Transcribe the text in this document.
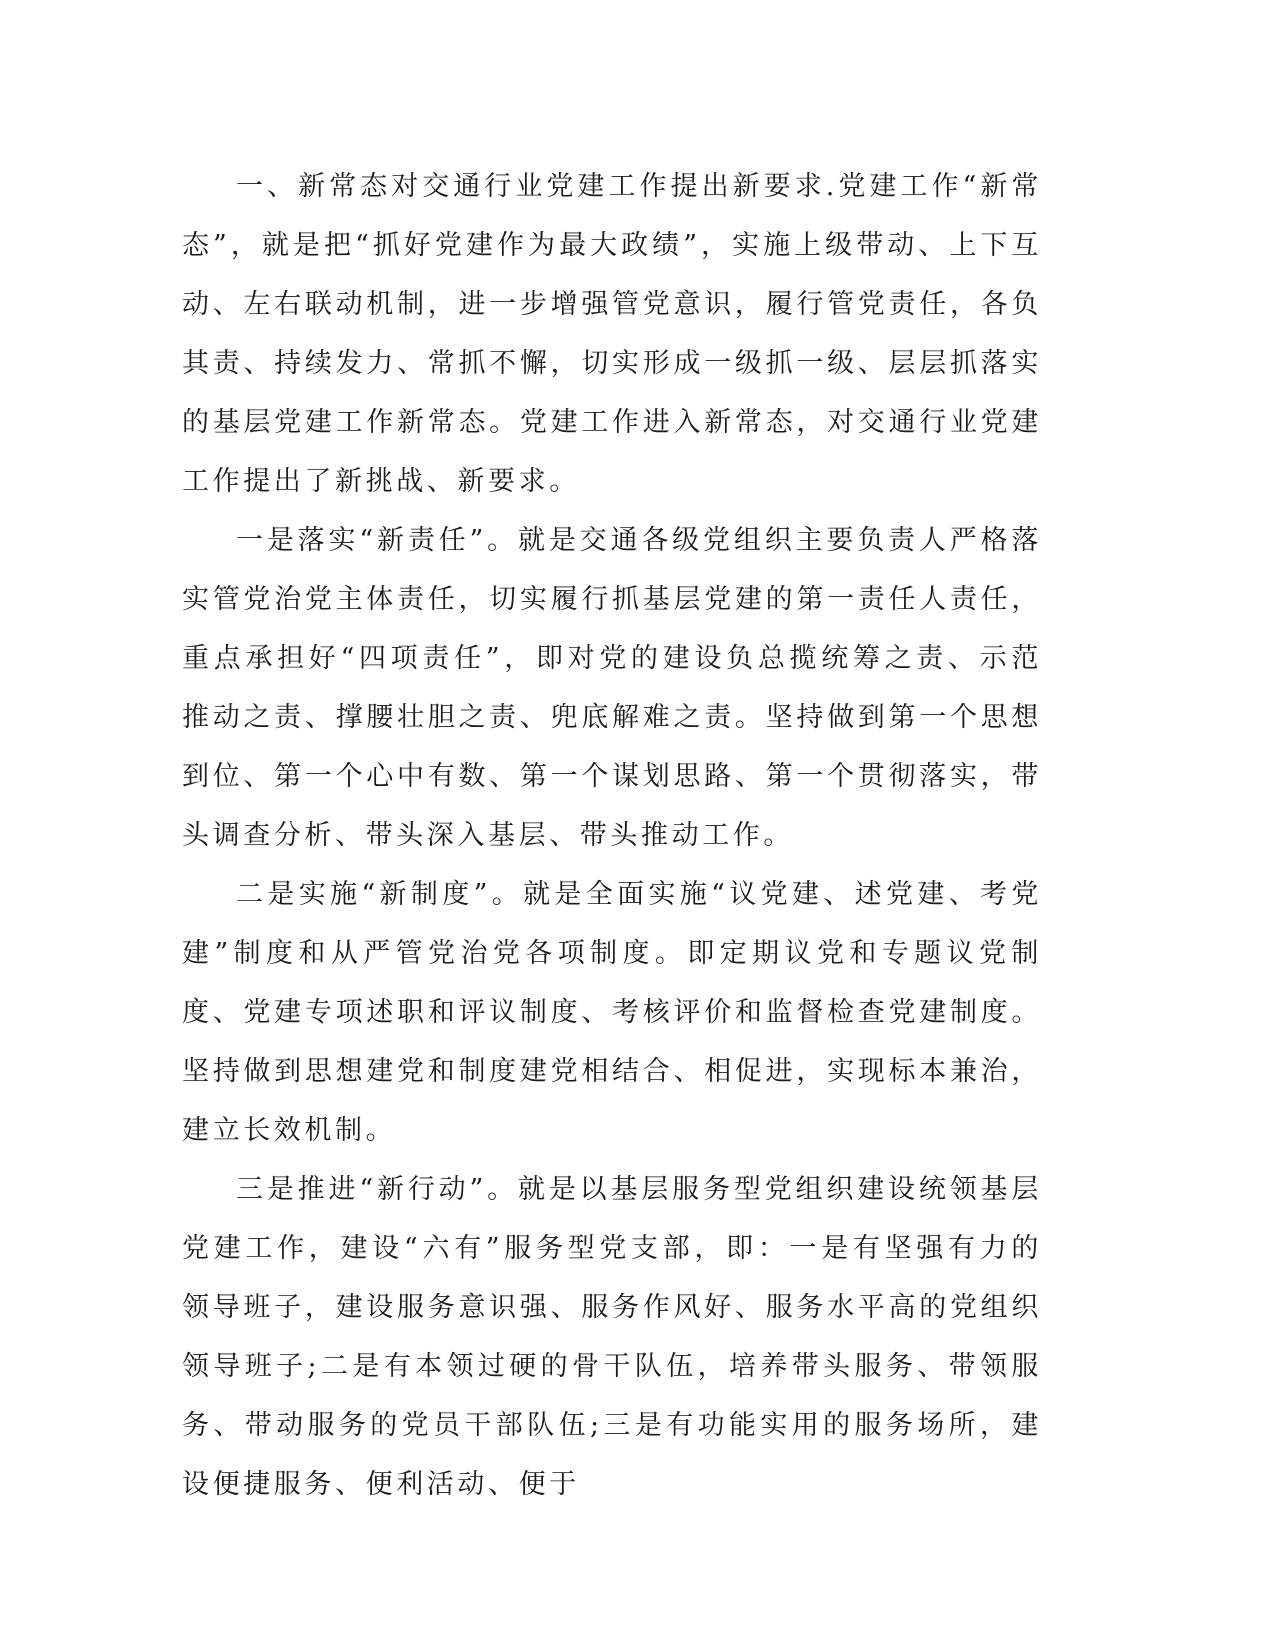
一、新常态对交通行业党建工作提出新要求.党建工作“新常态”，就是把“抓好党建作为最大政绩”，实施上级带动、上下互动、左右联动机制，进一步增强管党意识，履行管党责任，各负其责、持续发力、常抓不懈，切实形成一级抓一级、层层抓落实的基层党建工作新常态。党建工作进入新常态，对交通行业党建工作提出了新挑战、新要求。

一是落实“新责任”。就是交通各级党组织主要负责人严格落实管党治党主体责任，切实履行抓基层党建的第一责任人责任，重点承担好“四项责任”，即对党的建设负总揽统筹之责、示范推动之责、撑腰壮胆之责、兜底解难之责。坚持做到第一个思想到位、第一个心中有数、第一个谋划思路、第一个贯彻落实，带头调查分析、带头深入基层、带头推动工作。

二是实施“新制度”。就是全面实施“议党建、述党建、考党建”制度和从严管党治党各项制度。即定期议党和专题议党制度、党建专项述职和评议制度、考核评价和监督检查党建制度。坚持做到思想建党和制度建党相结合、相促进，实现标本兼治，建立长效机制。

三是推进“新行动”。就是以基层服务型党组织建设统领基层党建工作，建设“六有”服务型党支部，即：一是有坚强有力的领导班子，建设服务意识强、服务作风好、服务水平高的党组织领导班子;二是有本领过硬的骨干队伍，培养带头服务、带领服务、带动服务的党员干部队伍;三是有功能实用的服务场所，建设便捷服务、便利活动、便于
